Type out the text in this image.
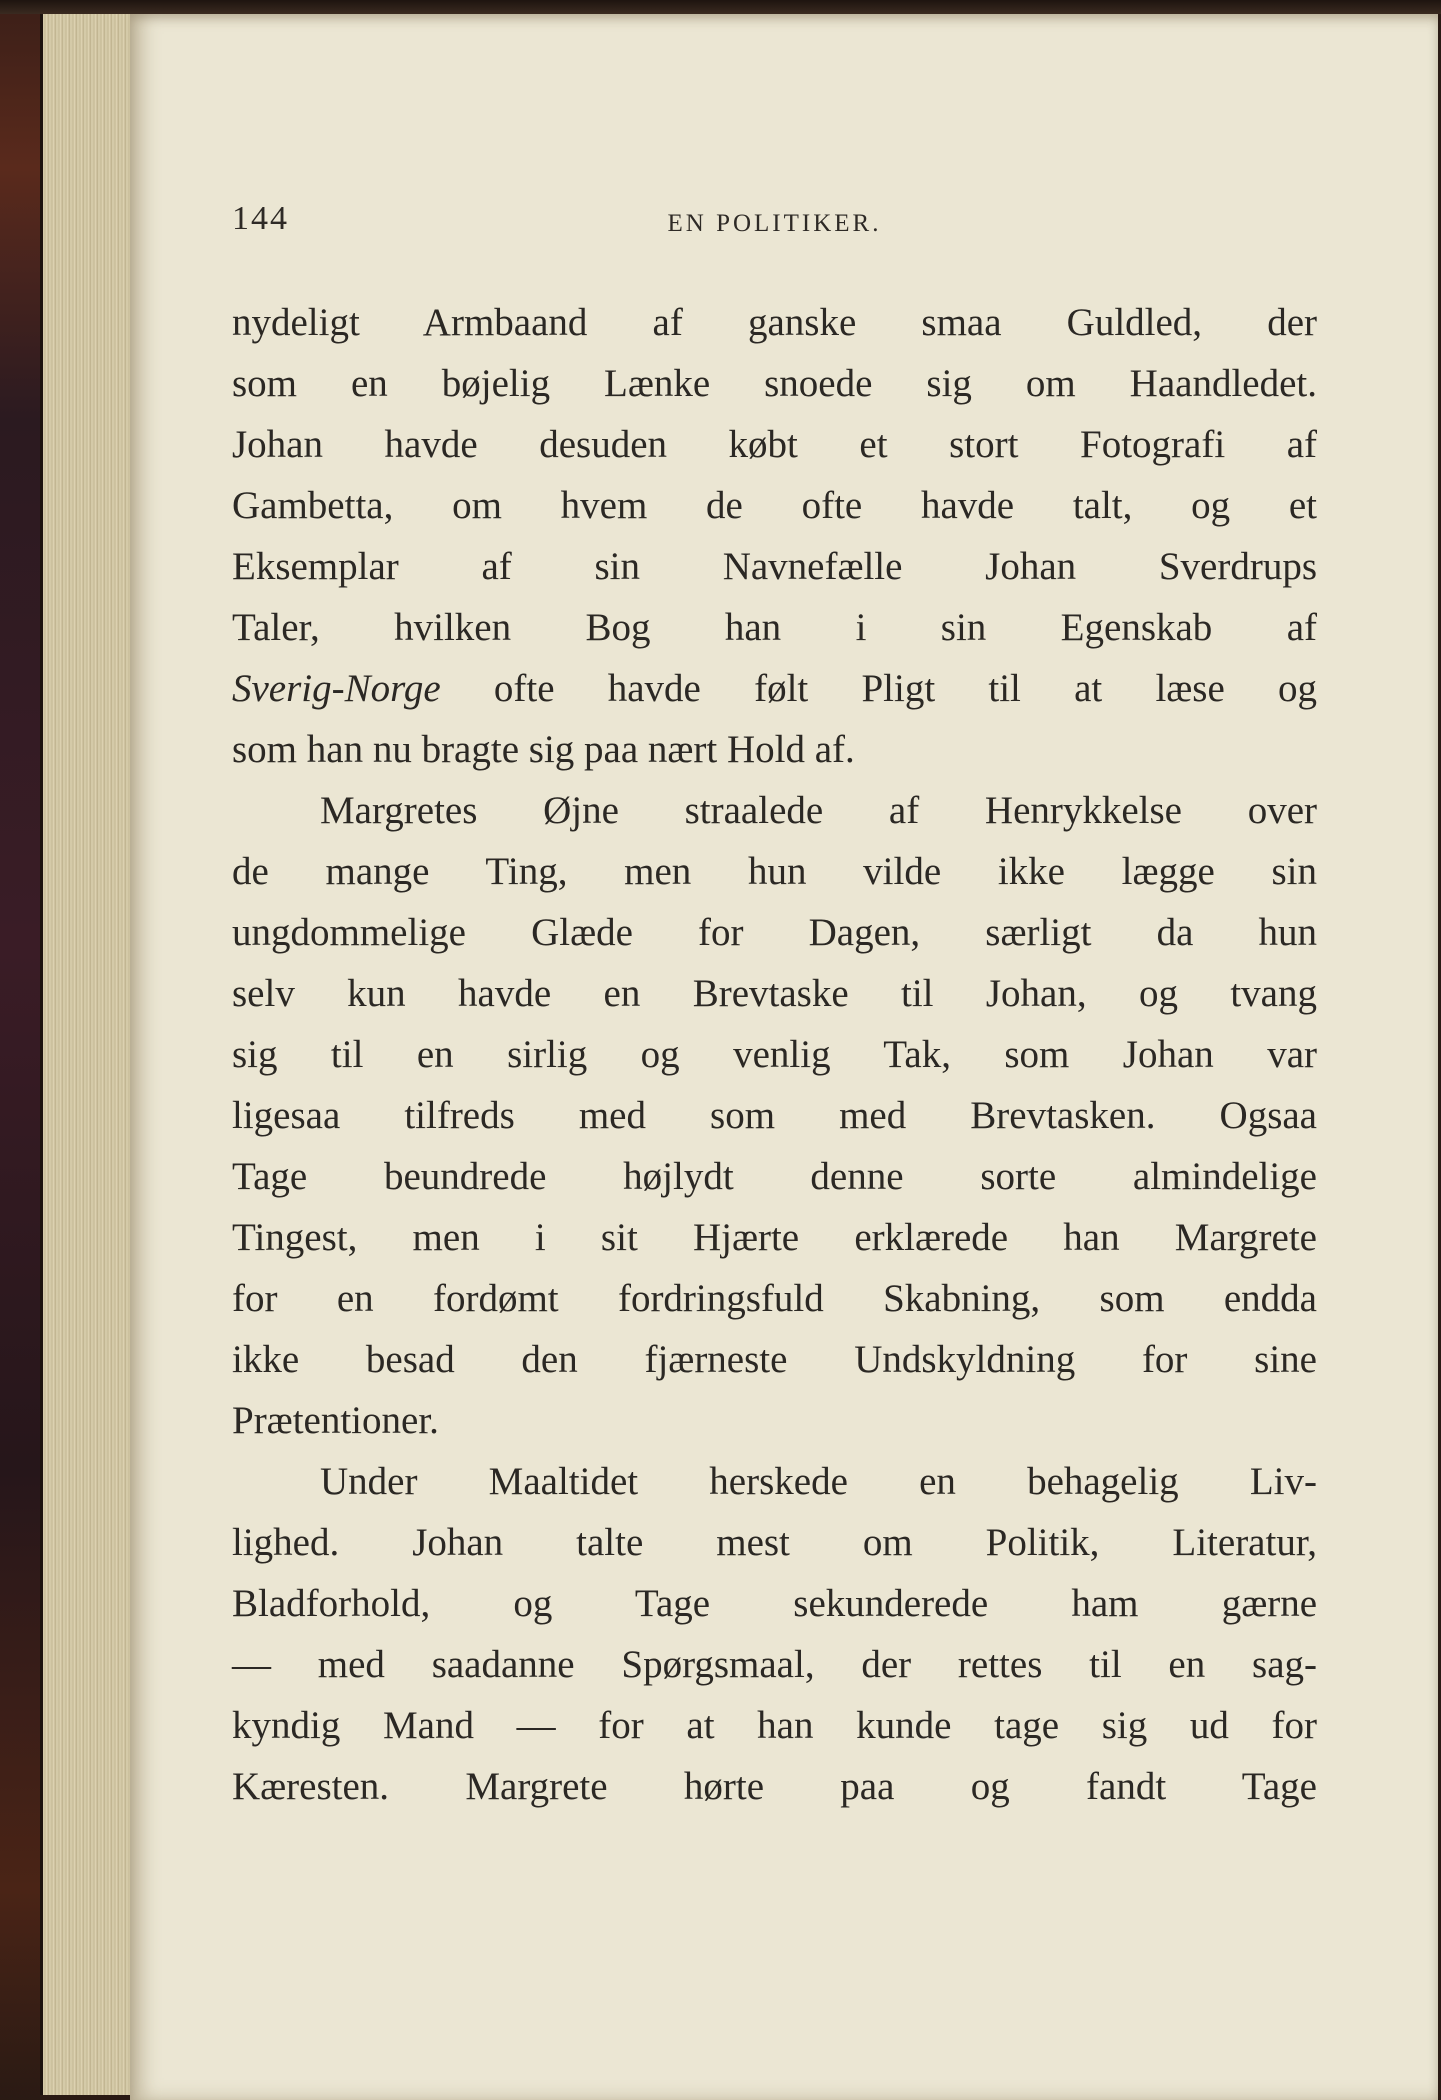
144	EN POLITIKER.
nydeligt Armbaand af ganske smaa Guldled, der
som en bøjelig Lænke snoede sig om Haandledet.
Johan havde desuden købt et stort Fotografi af
Gambetta, om hvem de ofte havde talt, og et
Eksemplar af sin Navnefælle Johan Sverdrups
Taler, hvilken Bog han i sin Egenskab af
Sverig-Norge ofte havde følt Pligt til at læse og
som han nu bragte sig paa nært Hold af.
Margretes Øjne straalede af Henrykkelse over
de mange Ting, men hun vilde ikke lægge sin
ungdommelige Glæde for Dagen, særligt da hun
selv kun havde en Brevtaske til Johan, og tvang
sig til en sirlig og venlig Tak, som Johan var
ligesaa tilfreds med som med Brevtasken. Ogsaa
Tage beundrede højlydt denne sorte almindelige
Tingest, men i sit Hjærte erklærede han Margrete
for en fordømt fordringsfuld Skabning, som endda
ikke besad den fjærneste Undskyldning for sine
Prætentioner.
Under Maaltidet herskede en behagelig Liv-
lighed. Johan talte mest om Politik, Literatur,
Bladforhold, og Tage sekunderede ham gærne
— med saadanne Spørgsmaal, der rettes til en sag-
kyndig Mand — for at han kunde tage sig ud for
Kæresten. Margrete hørte paa og fandt Tage
